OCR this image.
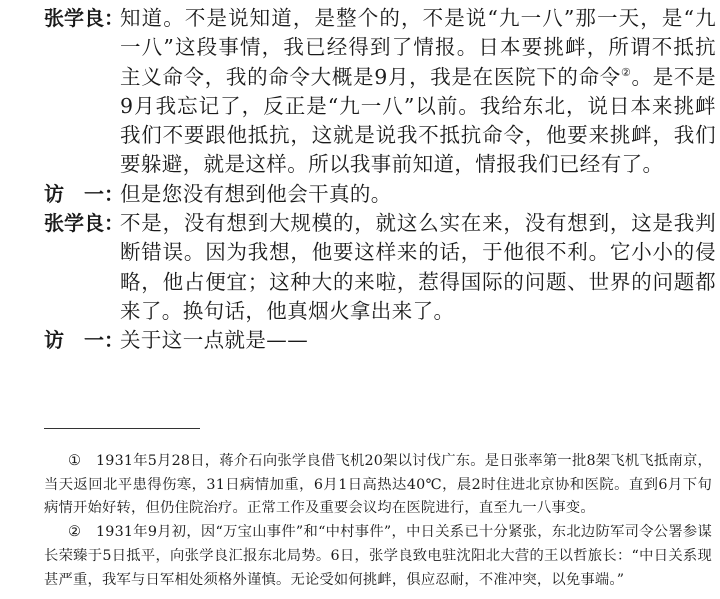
张学良：
知道。不是说知道，是整个的，不是说“九一八”那一天，是“九一八”这段事情，我已经得到了情报。日本要挑衅，所谓不抵抗主义命令，我的命令大概是9月，我是在医院下的命令②。是不是9月我忘记了，反正是“九一八”以前。我给东北，说日本来挑衅我们不要跟他抵抗，这就是说我不抵抗命令，他要来挑衅，我们要躲避，就是这样。所以我事前知道，情报我们已经有了。
访　一：
但是您没有想到他会干真的。
张学良：
不是，没有想到大规模的，就这么实在来，没有想到，这是我判断错误。因为我想，他要这样来的话，于他很不利。它小小的侵略，他占便宜；这种大的来啦，惹得国际的问题、世界的问题都来了。换句话，他真烟火拿出来了。
访　一：
关于这一点就是——
① 1931年5月28日，蒋介石向张学良借飞机20架以讨伐广东。是日张率第一批8架飞机飞抵南京，当天返回北平患得伤寒，31日病情加重，6月1日高热达40℃，晨2时住进北京协和医院。直到6月下旬病情开始好转，但仍住院治疗。正常工作及重要会议均在医院进行，直至九一八事变。
② 1931年9月初，因“万宝山事件”和“中村事件”，中日关系已十分紧张，东北边防军司令公署参谋长荣臻于5日抵平，向张学良汇报东北局势。6日，张学良致电驻沈阳北大营的王以哲旅长：“中日关系现甚严重，我军与日军相处须格外谨慎。无论受如何挑衅，俱应忍耐，不准冲突，以免事端。”
